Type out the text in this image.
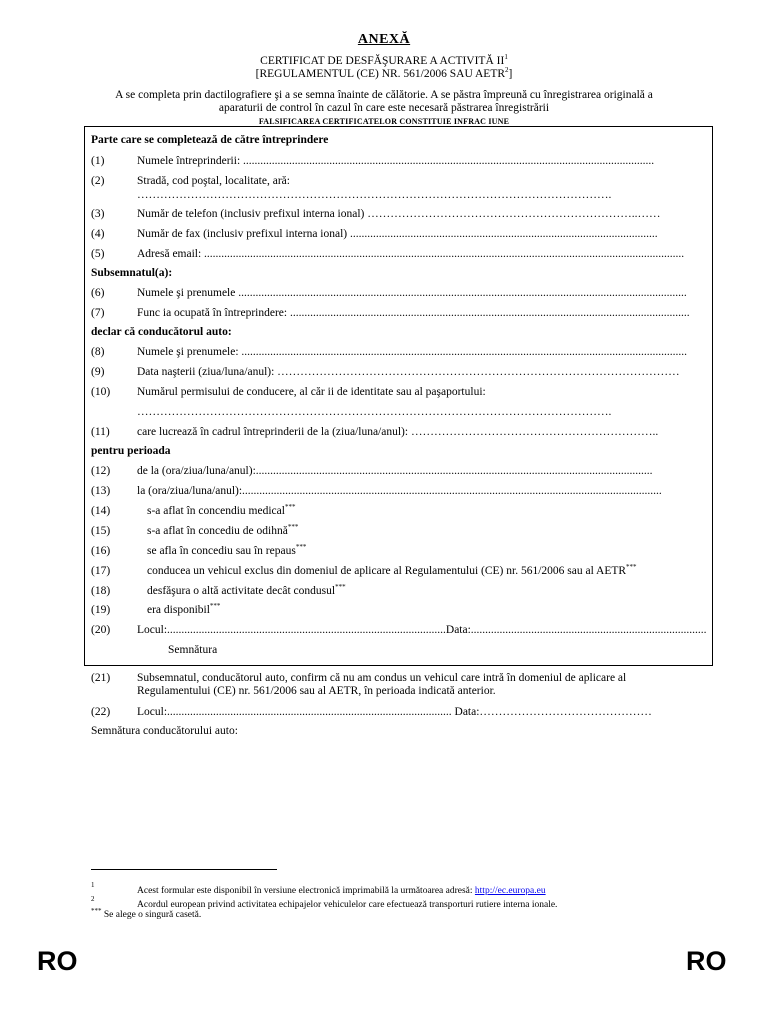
ANEXĂ
CERTIFICAT DE DESFĂŞURARE A ACTIVITĂ $II^1$
[REGULAMENTUL (CE) NR. 561/2006 SAU AETR$^2$]
A se completa prin dactilografiere şi a se semna înainte de călătorie. A se păstra împreună cu înregistrarea originală a aparaturii de control în cazul în care este necesară păstrarea înregistrării
FALSIFICAREA CERTIFICATELOR CONSTITUIE INFRAC IUNE
Parte care se completează de către întreprindere
(1)	Numele întreprinderii: ...............................................................................................................................................
(2)	Stradă, cod poştal, localitate, ară:
…………………………………………………………………………………………………………….
(3)	Număr de telefon (inclusiv prefixul interna ional) ……………………………………………………………..……
(4)	Număr de fax (inclusiv prefixul interna ional) ...........................................................................................................
(5)	Adresă email: .......................................................................................................................................................................
Subsemnatul(a):
(6)	Numele şi prenumele ............................................................................................................................................................
(7)	Func ia ocupată în întreprindere: ...........................................................................................................................................
declar că conducătorul auto:
(8)	Numele şi prenumele: ...........................................................................................................................................................
(9)	Data naşterii (ziua/luna/anul): ……………………………………………………………………………………………
(10) Numărul permisului de conducere, al căr ii de identitate sau al paşaportului:
…………………………………………………………………………………………………………….
(11) care lucrează în cadrul întreprinderii de la (ziua/luna/anul): ………………………………………………………..
pentru perioada
(12) de la (ora/ziua/luna/anul):..........................................................................................................................................
(13) la (ora/ziua/luna/anul):..................................................................................................................................................
(14)	s-a aflat în concendiu medical***
(15)	s-a aflat în concediu de odihnă***
(16)	se afla în concediu sau în repaus***
(17)	conducea un vehicul exclus din domeniul de aplicare al Regulamentului (CE) nr. 561/2006 sau al AETR***
(18)	desfăşura o altă activitate decât condusul***
(19)	era disponibil***
(20) Locul:.................................................................................................Data:..................................................................................
Semnătura
(21) Subsemnatul, conducătorul auto, confirm că nu am condus un vehicul care intră în domeniul de aplicare al
Regulamentului (CE) nr. 561/2006 sau al AETR, în perioada indicată anterior.
(22) Locul:................................................................................................... Data:………………………………………
Semnătura conducătorului auto:
1
Acest formular este disponibil în versiune electronică imprimabilă la următoarea adresă: http://ec.europa.eu
2
Acordul european privind activitatea echipajelor vehiculelor care efectuează transporturi rutiere interna ionale.
*** Se alege o singură casetă.
RO	RO
